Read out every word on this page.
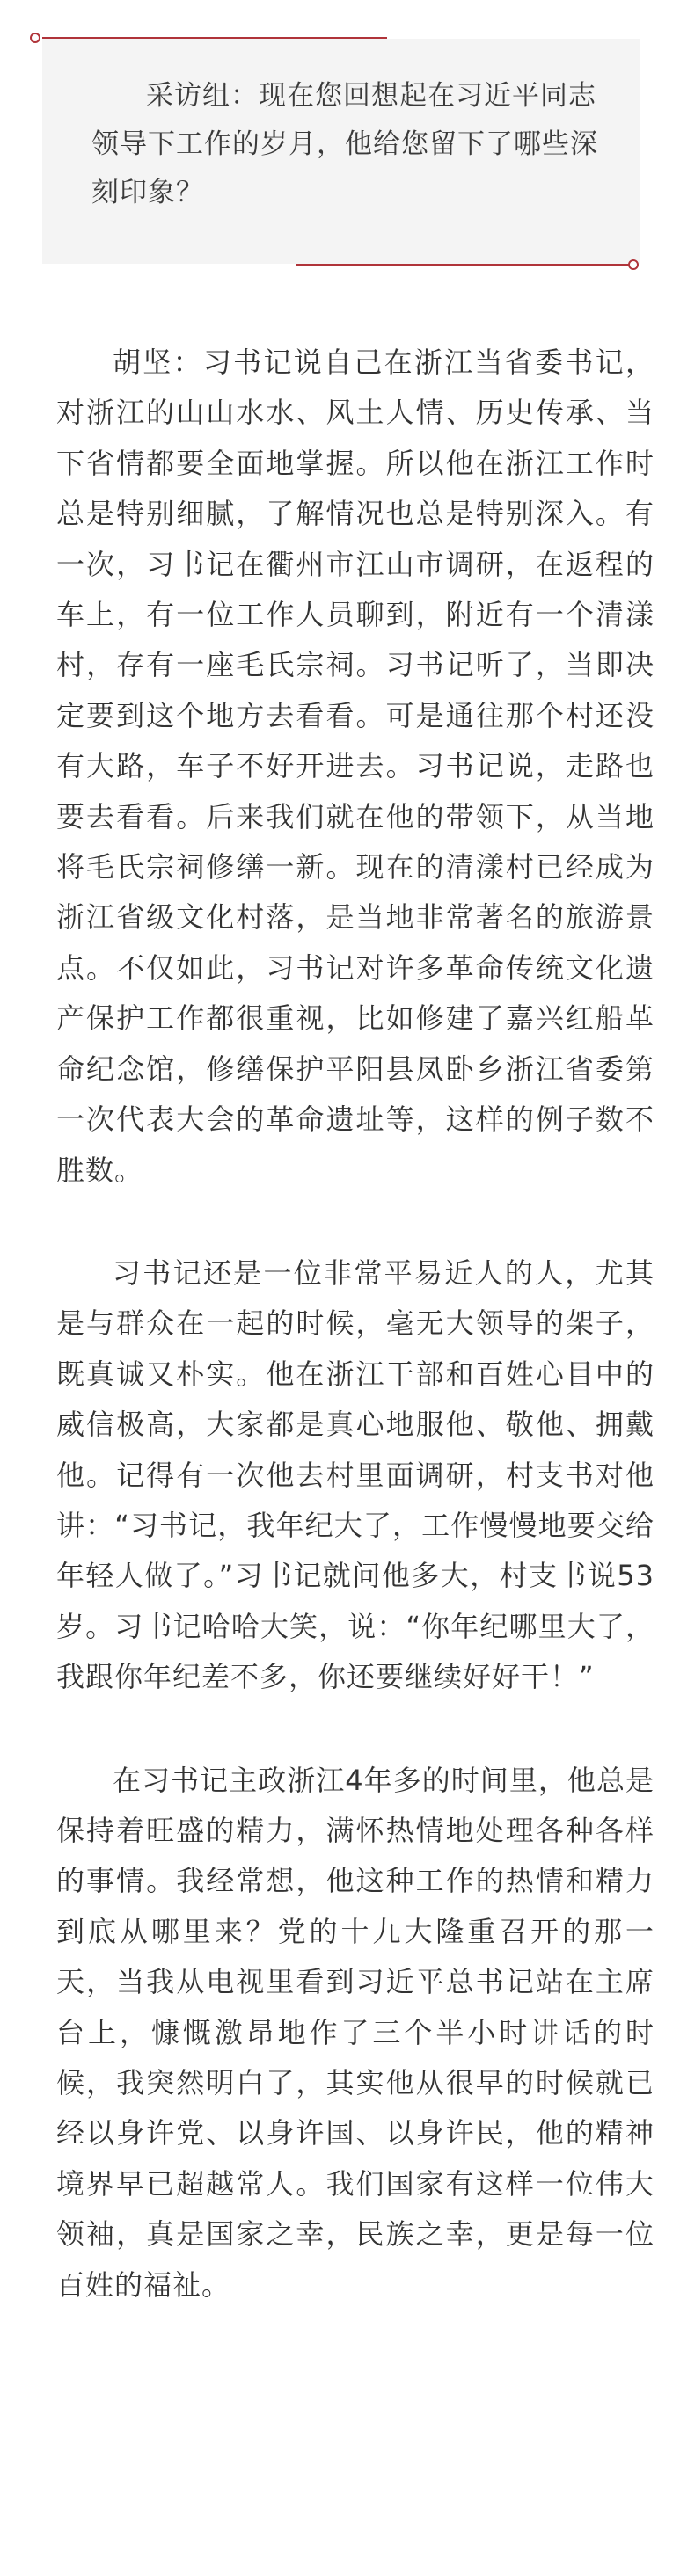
采访组：现在您回想起在习近平同志领导下工作的岁月，他给您留下了哪些深刻印象？

胡坚：习书记说自己在浙江当省委书记，对浙江的山山水水、风土人情、历史传承、当下省情都要全面地掌握。所以他在浙江工作时总是特别细腻，了解情况也总是特别深入。有一次，习书记在衢州市江山市调研，在返程的车上，有一位工作人员聊到，附近有一个清漾村，存有一座毛氏宗祠。习书记听了，当即决定要到这个地方去看看。可是通往那个村还没有大路，车子不好开进去。习书记说，走路也要去看看。后来我们就在他的带领下，从当地将毛氏宗祠修缮一新。现在的清漾村已经成为浙江省级文化村落，是当地非常著名的旅游景点。不仅如此，习书记对许多革命传统文化遗产保护工作都很重视，比如修建了嘉兴红船革命纪念馆，修缮保护平阳县凤卧乡浙江省委第一次代表大会的革命遗址等，这样的例子数不胜数。

习书记还是一位非常平易近人的人，尤其是与群众在一起的时候，毫无大领导的架子，既真诚又朴实。他在浙江干部和百姓心目中的威信极高，大家都是真心地服他、敬他、拥戴他。记得有一次他去村里面调研，村支书对他讲：“习书记，我年纪大了，工作慢慢地要交给年轻人做了。”习书记就问他多大，村支书说53岁。习书记哈哈大笑，说：“你年纪哪里大了，我跟你年纪差不多，你还要继续好好干！”

在习书记主政浙江4年多的时间里，他总是保持着旺盛的精力，满怀热情地处理各种各样的事情。我经常想，他这种工作的热情和精力到底从哪里来？党的十九大隆重召开的那一天，当我从电视里看到习近平总书记站在主席台上，慷慨激昂地作了三个半小时讲话的时候，我突然明白了，其实他从很早的时候就已经以身许党、以身许国、以身许民，他的精神境界早已超越常人。我们国家有这样一位伟大领袖，真是国家之幸，民族之幸，更是每一位百姓的福祉。
